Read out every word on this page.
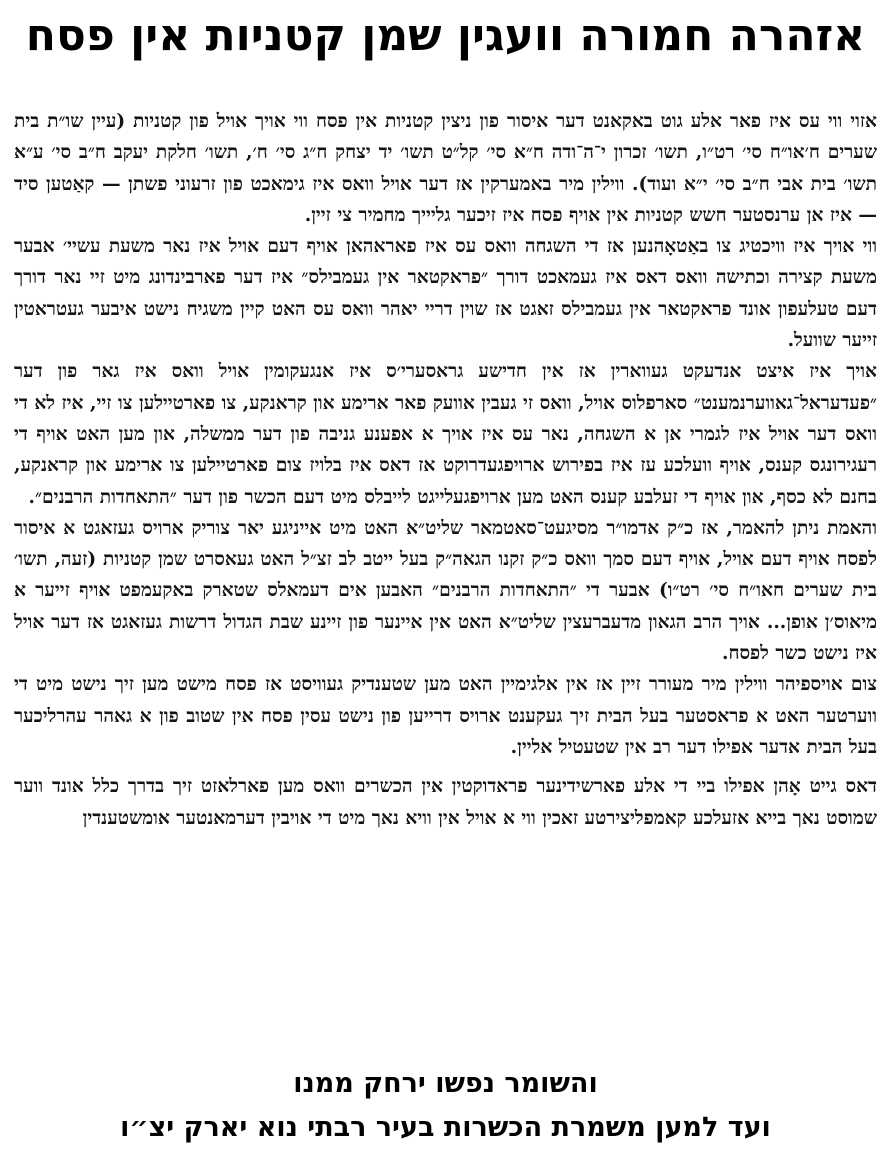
אזהרה חמורה וועגין שמן קטניות אין פסח

אזוי ווי עס איז פאר אלע גוט באקאנט דער איסור פון ניצין קטניות אין פסח ווי אויך אויל פון קטניות (עיין שו״ת בית שערים ח׳או״ח סי׳ רט״ו, תשו׳ זכרון י־ה־ודה ח״א סי׳ קל״ט תשו׳ יד יצחק ח״ג סי׳ ח׳, תשו׳ חלקת יעקב ח״ב סי׳ ע״א תשו׳ בית אבי ח״ב סי׳ י״א ועוד). ווילין מיר באמערקין אז דער אויל וואס איז גימאכט פון זרעוני פשתן — קאַטען סיד — איז אן ערנסטער חשש קטניות אין אויף פסח איז זיכער גליייך מחמיר צי זיין.

ווי אויך איז וויכטיג צו באַטאָהנען אז די השגחה וואס עס איז פאראהאן אויף דעם אויל איז נאר משעת עשיי׳ אבער משעת קצירה וכתישה וואס דאס איז געמאכט דורך ״פראקטאר אין געמבילס״ איז דער פארבינדונג מיט זיי נאר דורך דעם טעלעפון אונד פראקטאר אין געמבילס זאגט אז שוין דריי יאהר וואס עס האט קיין משגיח נישט איבער געטראטין זייער שוועל.

אויך איז איצט אנדעקט געווארין אז אין חדישע גראסערי׳ס איז אנגעקומין אויל וואס איז גאר פון דער ״פעדעראל־גאווערנמענט״ סארפלוס אויל, וואס זי געבין אוועק פאר ארימע און קראנקע, צו פארטיילען צו זיי, איז לא די וואס דער אויל איז לגמרי אן א השגחה, נאר עס איז אויך א אפענע גניבה פון דער ממשלה, און מען האט אויף די רעגירונגס קענס, אויף וועלכע עז איז בפירוש ארויפגעדרוקט אז דאס איז בלויז צום פארטיילען צו ארימע און קראנקע, בחנם לא כסף, און אויף די זעלבע קענס האט מען ארויפגעלייגט לייבלס מיט דעם הכשר פון דער ״התאחדות הרבנים״.

והאמת ניתן להאמר, אז כ״ק אדמו״ר מסיגעט־סאטמאר שליט״א האט מיט אייניגע יאר צוריק ארויס געזאגט א איסור לפסח אויף דעם אויל, אויף דעם סמך וואס כ״ק זקנו הגאה״ק בעל ייטב לב זצ״ל האט געאסרט שמן קטניות (זעה, תשו׳ בית שערים חאו״ח סי׳ רט״ו) אבער די ״התאחדות הרבנים״ האבען אים דעמאלס שטארק באקעמפט אויף זייער א מיאוס׳ן אופן... אויך הרב הגאון מדעברעצין שליט״א האט אין איינער פון זיינע שבת הגדול דרשות געזאגט אז דער אויל איז נישט כשר לפסח.

צום אויספיהר ווילין מיר מעורר זיין אז אין אלגימיין האט מען שטענדיק געוויסט אז פסח מישט מען זיך נישט מיט די ווערטער האט א פראסטער בעל הבית זיך געקענט ארויס דרייען פון נישט עסין פסח אין שטוב פון א גאהר עהרליכער בעל הבית אדער אפילו דער רב אין שטעטיל אליין.

דאס גייט אָהן אפילו ביי די אלע פארשידינער פראדוקטין אין הכשרים וואס מען פארלאזט זיך בדרך כלל אונד ווער שמוסט נאך בייא אזעלכע קאמפליצירטע זאכין ווי א אויל אין וויא נאך מיט די אויבין דערמאנטער אומשטענדין

והשומר נפשו ירחק ממנו
ועד למען משמרת הכשרות בעיר רבתי נוא יארק יצ״ו
